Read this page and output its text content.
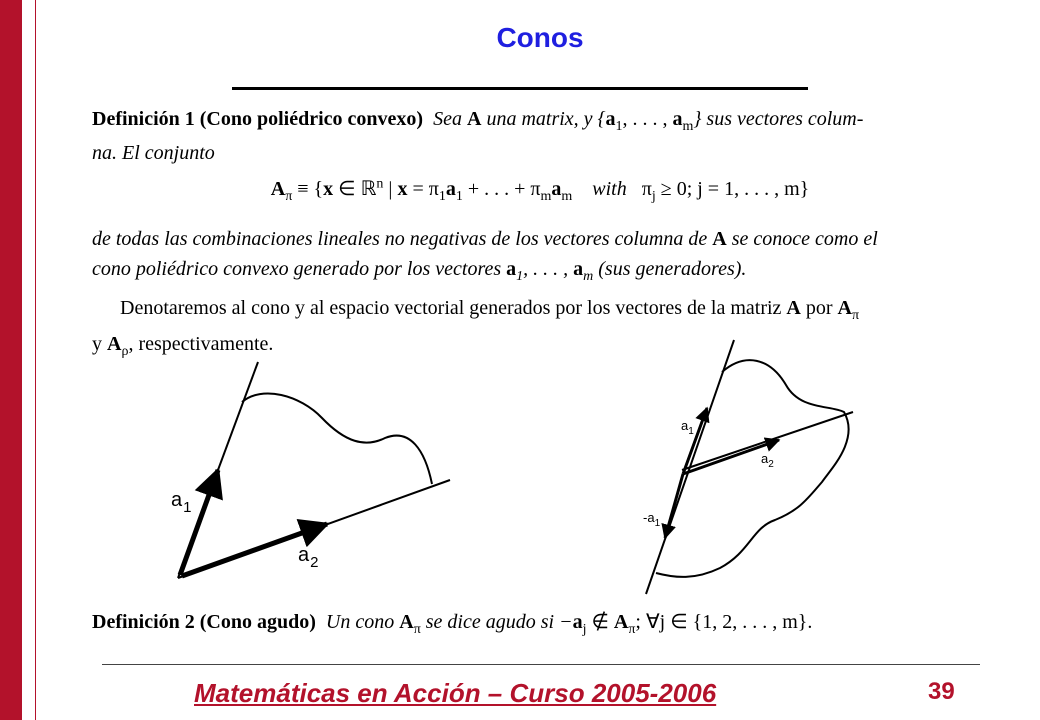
Conos
Definición 1 (Cono poliédrico convexo) Sea A una matrix, y {$a_1$, . . . , $a_m$} sus vectores colum-
na. El conjunto
$A_\pi \equiv \{x$ ∈ ℝ$^n$ | $x = \pi_1a_1$ + . . . + $\pi_ma_m$ with $\pi_j \ge 0$; j = 1, . . . , m}
de todas las combinaciones lineales no negativas de los vectores columna de A se conoce como el
cono poliédrico convexo generado por los vectores $a_1$, . . . , $a_m$ (sus generadores).
Denotaremos al cono y al espacio vectorial generados por los vectores de la matriz A por $A_\pi$
y $A_\rho$, respectivamente.
$a_1$
$a_2$
$a_1$
$a_2$
$-a_1$
Definición 2 (Cono agudo) Un cono $A_\pi$ se dice agudo si $-a_j$ ∉ $A_\pi$; ∀j ∈ {1, 2, . . . , m}.
Matemáticas en Acción – Curso 2005-2006	39
